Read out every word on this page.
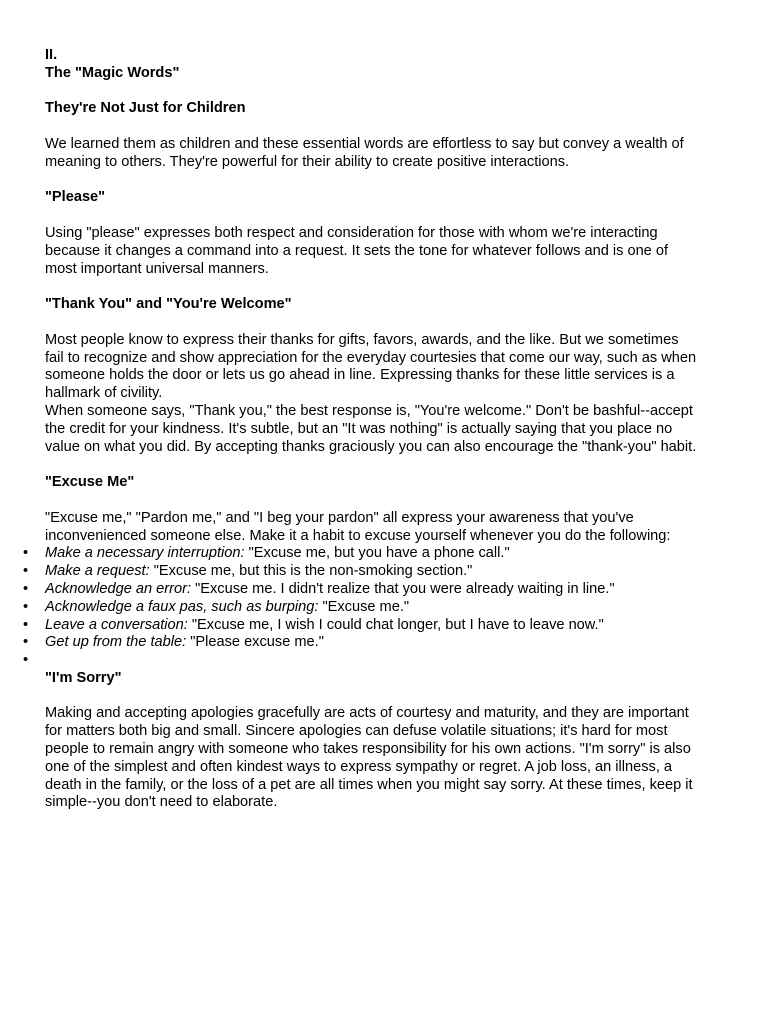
II.
The "Magic Words"
They're Not Just for Children
We learned them as children and these essential words are effortless to say but convey a wealth of
meaning to others. They're powerful for their ability to create positive interactions.
"Please"
Using "please" expresses both respect and consideration for those with whom we're interacting
because it changes a command into a request. It sets the tone for whatever follows and is one of
most important universal manners.
"Thank You" and "You're Welcome"
Most people know to express their thanks for gifts, favors, awards, and the like. But we sometimes
fail to recognize and show appreciation for the everyday courtesies that come our way, such as when
someone holds the door or lets us go ahead in line. Expressing thanks for these little services is a
hallmark of civility.
When someone says, "Thank you," the best response is, "You're welcome." Don't be bashful--accept
the credit for your kindness. It's subtle, but an "It was nothing" is actually saying that you place no
value on what you did. By accepting thanks graciously you can also encourage the "thank-you" habit.
"Excuse Me"
"Excuse me," "Pardon me," and "I beg your pardon" all express your awareness that you've
inconvenienced someone else. Make it a habit to excuse yourself whenever you do the following:
• Make a necessary interruption: "Excuse me, but you have a phone call."
• Make a request: "Excuse me, but this is the non-smoking section."
• Acknowledge an error: "Excuse me. I didn't realize that you were already waiting in line."
• Acknowledge a faux pas, such as burping: "Excuse me."
• Leave a conversation: "Excuse me, I wish I could chat longer, but I have to leave now."
• Get up from the table: "Please excuse me."
•
"I'm Sorry"
Making and accepting apologies gracefully are acts of courtesy and maturity, and they are important
for matters both big and small. Sincere apologies can defuse volatile situations; it's hard for most
people to remain angry with someone who takes responsibility for his own actions. "I'm sorry" is also
one of the simplest and often kindest ways to express sympathy or regret. A job loss, an illness, a
death in the family, or the loss of a pet are all times when you might say sorry. At these times, keep it
simple--you don't need to elaborate.
